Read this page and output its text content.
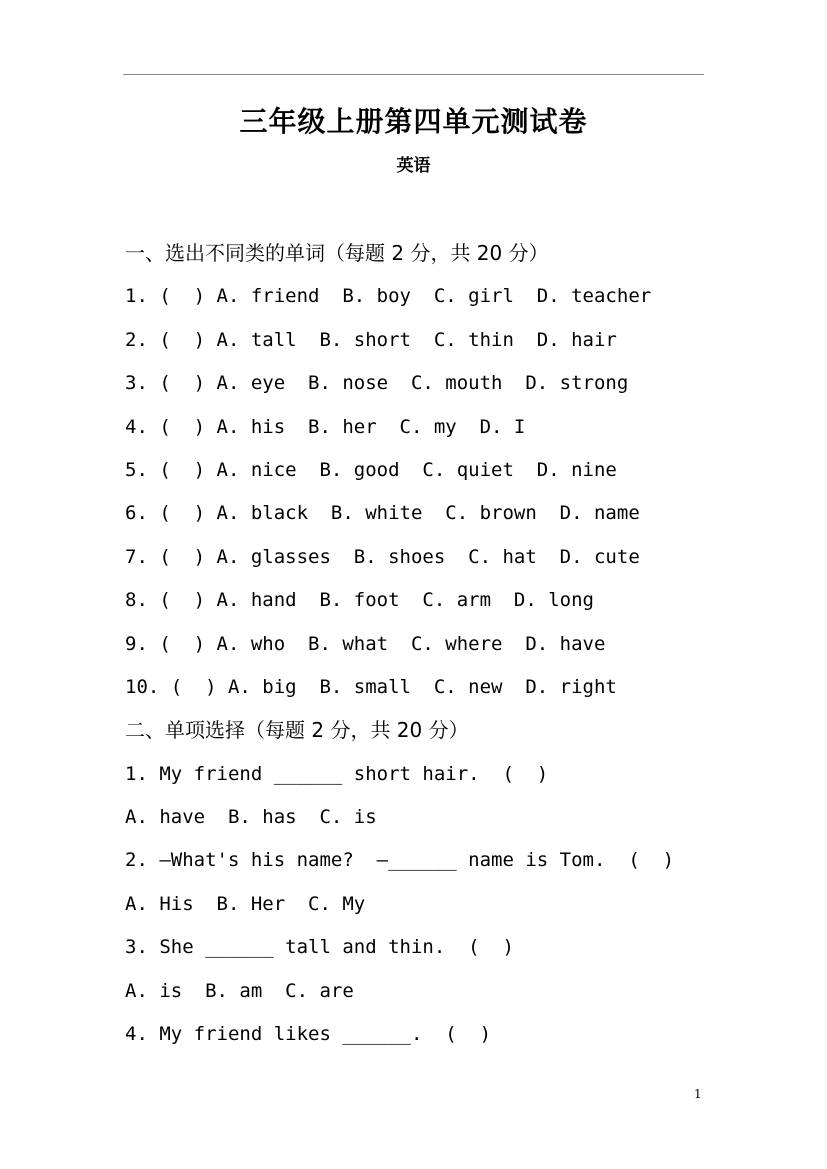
三年级上册第四单元测试卷
英语
一、选出不同类的单词（每题 2 分，共 20 分）
1. (  ) A. friend  B. boy  C. girl  D. teacher
2. (  ) A. tall  B. short  C. thin  D. hair
3. (  ) A. eye  B. nose  C. mouth  D. strong
4. (  ) A. his  B. her  C. my  D. I
5. (  ) A. nice  B. good  C. quiet  D. nine
6. (  ) A. black  B. white  C. brown  D. name
7. (  ) A. glasses  B. shoes  C. hat  D. cute
8. (  ) A. hand  B. foot  C. arm  D. long
9. (  ) A. who  B. what  C. where  D. have
10. (  ) A. big  B. small  C. new  D. right
二、单项选择（每题 2 分，共 20 分）
1. My friend ______ short hair.  (  )
A. have  B. has  C. is
2. —What's his name?  —______ name is Tom.  (  )
A. His  B. Her  C. My
3. She ______ tall and thin.  (  )
A. is  B. am  C. are
4. My friend likes ______.  (  )
1
